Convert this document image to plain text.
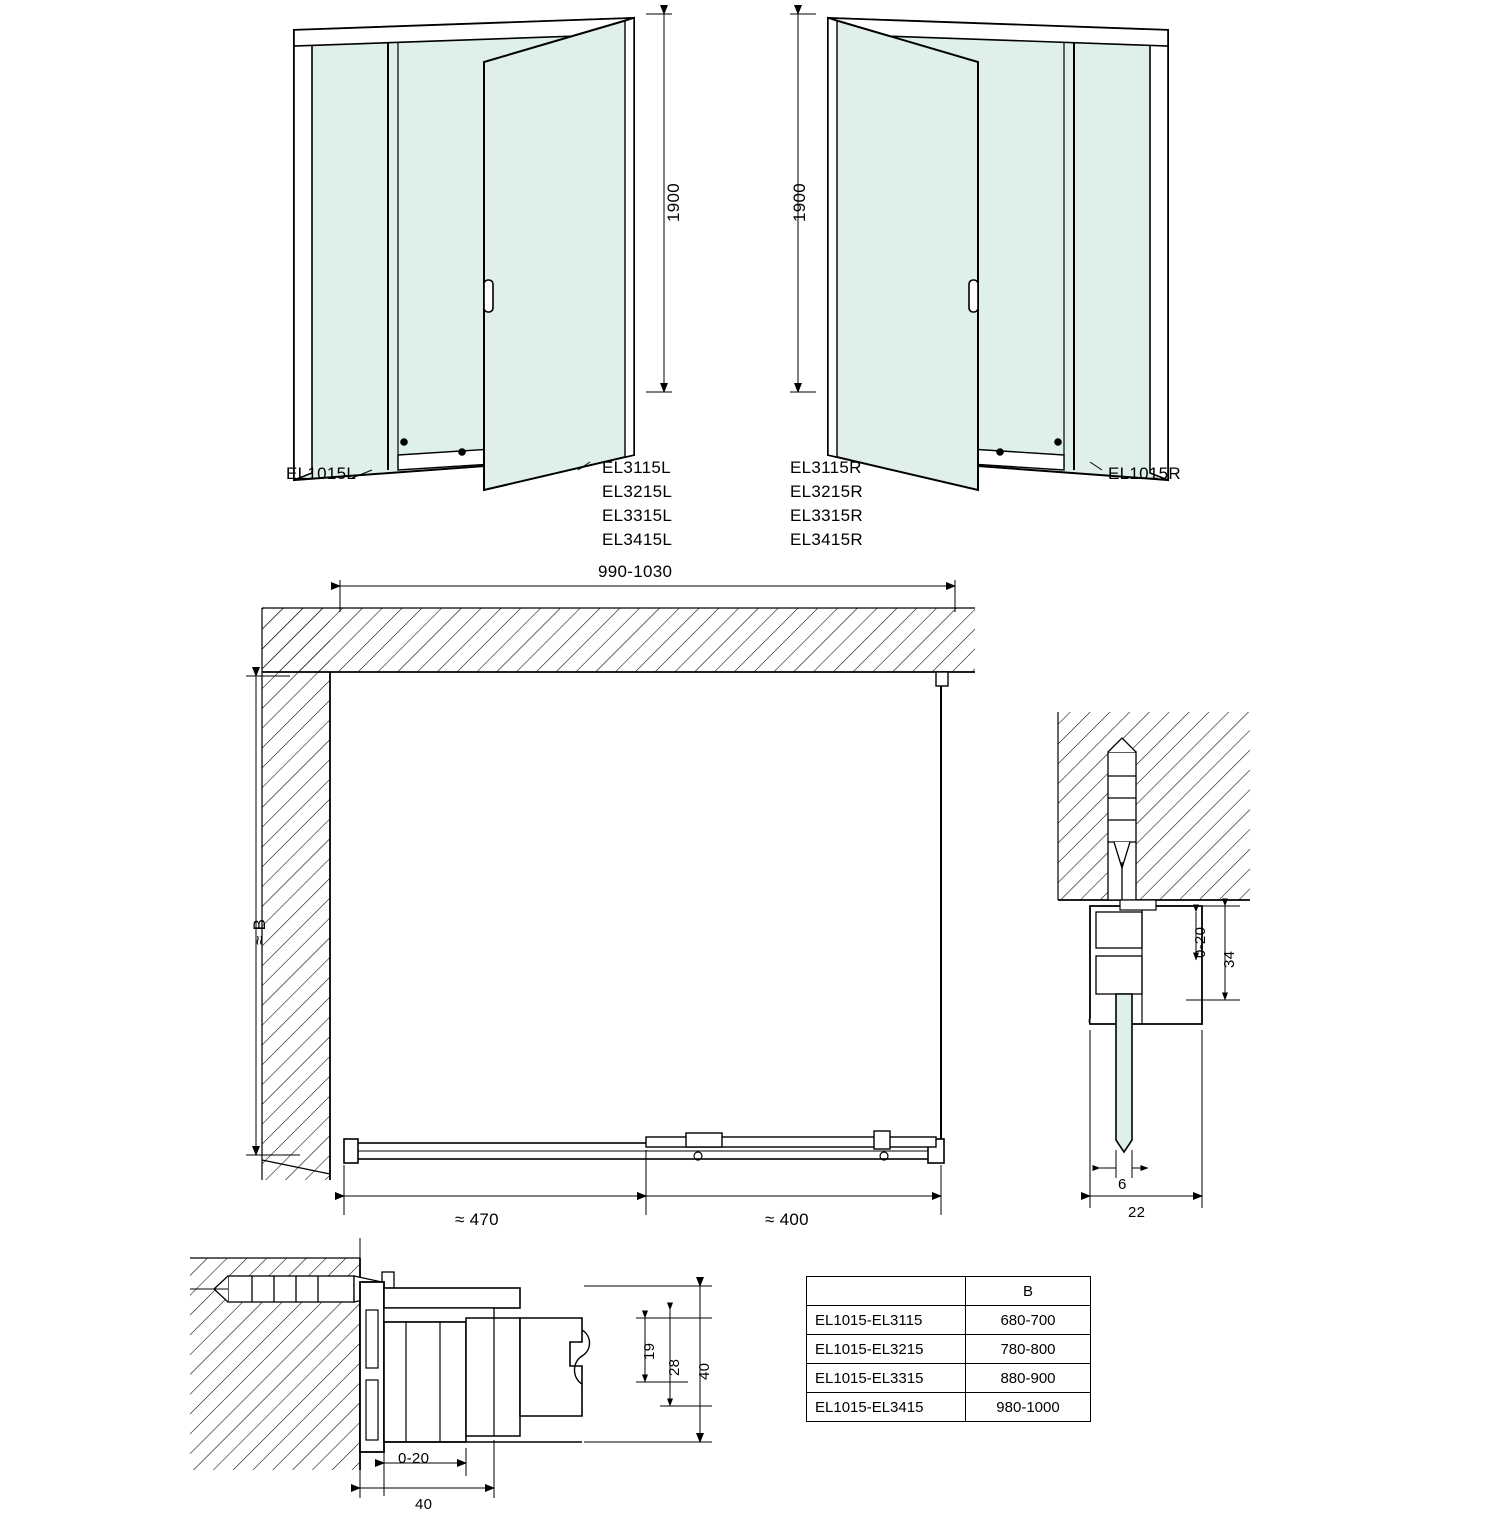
1900
EL1015L	EL3115L
EL3215L
EL3315L
EL3415L
1900
EL3115R
EL3215R
EL3315R
EL3415R
EL1015R
990-1030
≈ B
≈ 470	≈ 400
0-20
34
6
22
19
28 40
0-20
40
	B
EL1015-EL3115	680-700
EL1015-EL3215	780-800
EL1015-EL3315	880-900
EL1015-EL3415	980-1000
